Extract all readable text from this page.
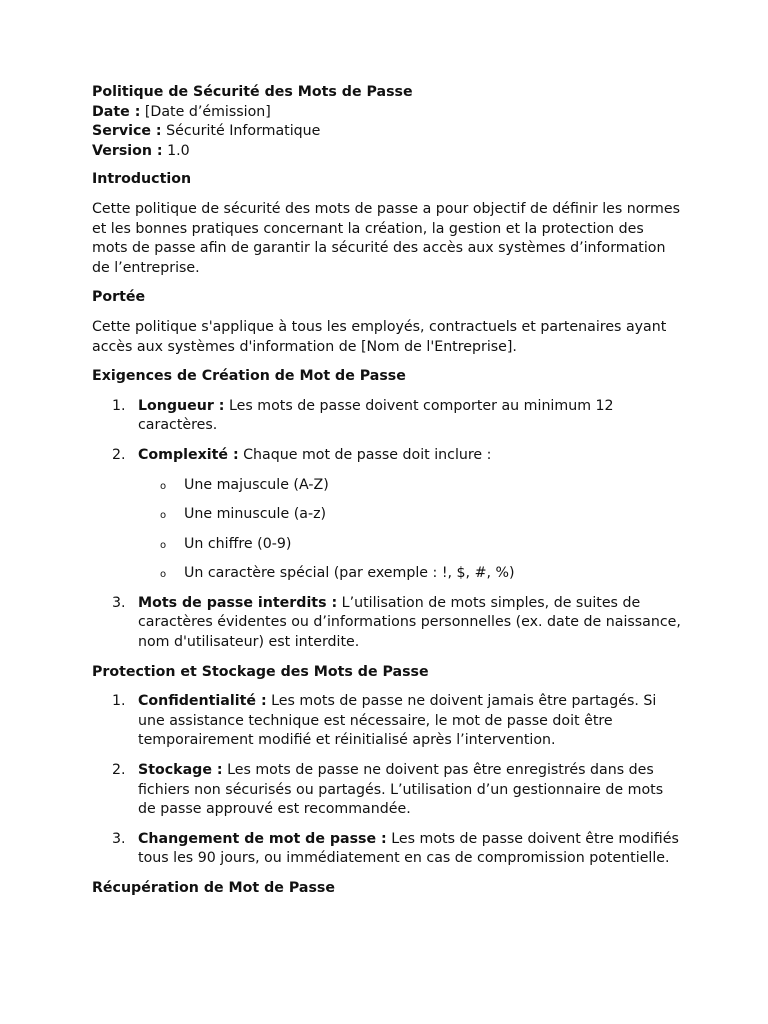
Politique de Sécurité des Mots de Passe
Date : [Date d’émission]
Service : Sécurité Informatique
Version : 1.0
Introduction

Cette politique de sécurité des mots de passe a pour objectif de définir les normes et les bonnes pratiques concernant la création, la gestion et la protection des mots de passe afin de garantir la sécurité des accès aux systèmes d’information de l’entreprise.

Portée

Cette politique s'applique à tous les employés, contractuels et partenaires ayant accès aux systèmes d'information de [Nom de l'Entreprise].

Exigences de Création de Mot de Passe
1. Longueur : Les mots de passe doivent comporter au minimum 12 caractères.
2. Complexité : Chaque mot de passe doit inclure :
o Une majuscule (A-Z)
o Une minuscule (a-z)
o Un chiffre (0-9)
o Un caractère spécial (par exemple : !, $, #, %)
3. Mots de passe interdits : L’utilisation de mots simples, de suites de caractères évidentes ou d’informations personnelles (ex. date de naissance, nom d'utilisateur) est interdite.
Protection et Stockage des Mots de Passe
1. Confidentialité : Les mots de passe ne doivent jamais être partagés. Si une assistance technique est nécessaire, le mot de passe doit être temporairement modifié et réinitialisé après l’intervention.
2. Stockage : Les mots de passe ne doivent pas être enregistrés dans des fichiers non sécurisés ou partagés. L’utilisation d’un gestionnaire de mots de passe approuvé est recommandée.
3. Changement de mot de passe : Les mots de passe doivent être modifiés tous les 90 jours, ou immédiatement en cas de compromission potentielle.
Récupération de Mot de Passe
